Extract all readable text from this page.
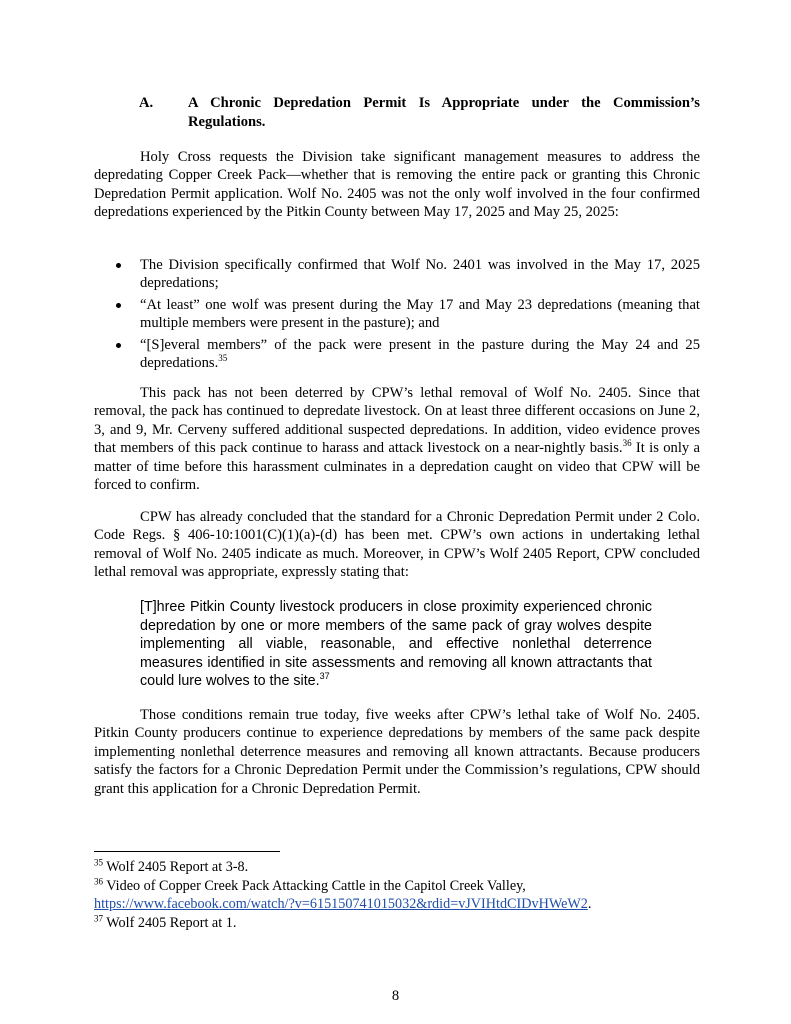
A. A Chronic Depredation Permit Is Appropriate under the Commission’s Regulations.

Holy Cross requests the Division take significant management measures to address the depredating Copper Creek Pack—whether that is removing the entire pack or granting this Chronic Depredation Permit application. Wolf No. 2405 was not the only wolf involved in the four confirmed depredations experienced by the Pitkin County between May 17, 2025 and May 25, 2025:

The Division specifically confirmed that Wolf No. 2401 was involved in the May 17, 2025 depredations;
“At least” one wolf was present during the May 17 and May 23 depredations (meaning that multiple members were present in the pasture); and
“[S]everal members” of the pack were present in the pasture during the May 24 and 25 depredations.$^{35}$

This pack has not been deterred by CPW’s lethal removal of Wolf No. 2405. Since that removal, the pack has continued to depredate livestock. On at least three different occasions on June 2, 3, and 9, Mr. Cerveny suffered additional suspected depredations. In addition, video evidence proves that members of this pack continue to harass and attack livestock on a near-nightly basis.$^{36}$ It is only a matter of time before this harassment culminates in a depredation caught on video that CPW will be forced to confirm.

CPW has already concluded that the standard for a Chronic Depredation Permit under 2 Colo. Code Regs. § 406-10:1001(C)(1)(a)-(d) has been met. CPW’s own actions in undertaking lethal removal of Wolf No. 2405 indicate as much. Moreover, in CPW’s Wolf 2405 Report, CPW concluded lethal removal was appropriate, expressly stating that:

[T]hree Pitkin County livestock producers in close proximity experienced chronic depredation by one or more members of the same pack of gray wolves despite implementing all viable, reasonable, and effective nonlethal deterrence measures identified in site assessments and removing all known attractants that could lure wolves to the site.$^{37}$

Those conditions remain true today, five weeks after CPW’s lethal take of Wolf No. 2405. Pitkin County producers continue to experience depredations by members of the same pack despite implementing nonlethal deterrence measures and removing all known attractants. Because producers satisfy the factors for a Chronic Depredation Permit under the Commission’s regulations, CPW should grant this application for a Chronic Depredation Permit.

$^{35}$ Wolf 2405 Report at 3-8.
$^{36}$ Video of Copper Creek Pack Attacking Cattle in the Capitol Creek Valley,
https://www.facebook.com/watch/?v=615150741015032&rdid=vJVIHtdCIDvHWeW2.
$^{37}$ Wolf 2405 Report at 1.
8
